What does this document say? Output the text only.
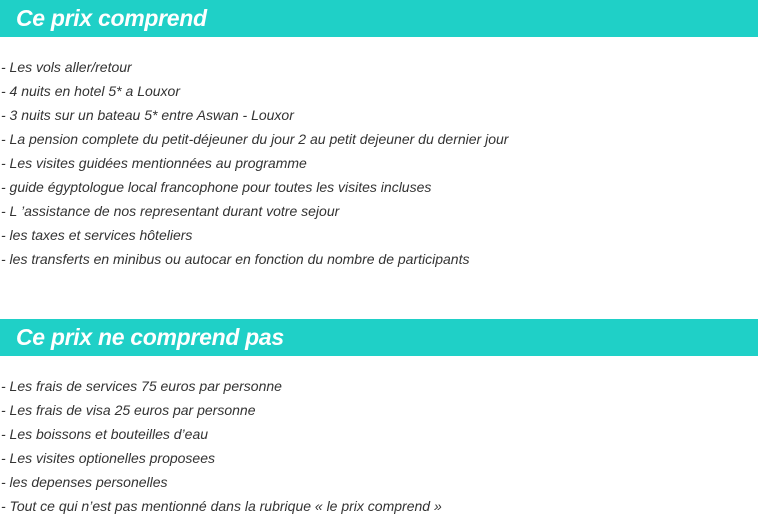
Ce prix comprend
- Les vols aller/retour
- 4 nuits en hotel 5* a Louxor
- 3 nuits sur un bateau 5* entre Aswan - Louxor
- La pension complete du petit-déjeuner du jour 2 au petit dejeuner du dernier jour
- Les visites guidées mentionnées au programme
- guide égyptologue local francophone pour toutes les visites incluses
- L ’assistance de nos representant durant votre sejour
- les taxes et services hôteliers
- les transferts en minibus ou autocar en fonction du nombre de participants
Ce prix ne comprend pas
- Les frais de services 75 euros par personne
- Les frais de visa 25 euros par personne
- Les boissons et bouteilles d’eau
- Les visites optionelles proposees
- les depenses personelles
- Tout ce qui n’est pas mentionné dans la rubrique « le prix comprend »
